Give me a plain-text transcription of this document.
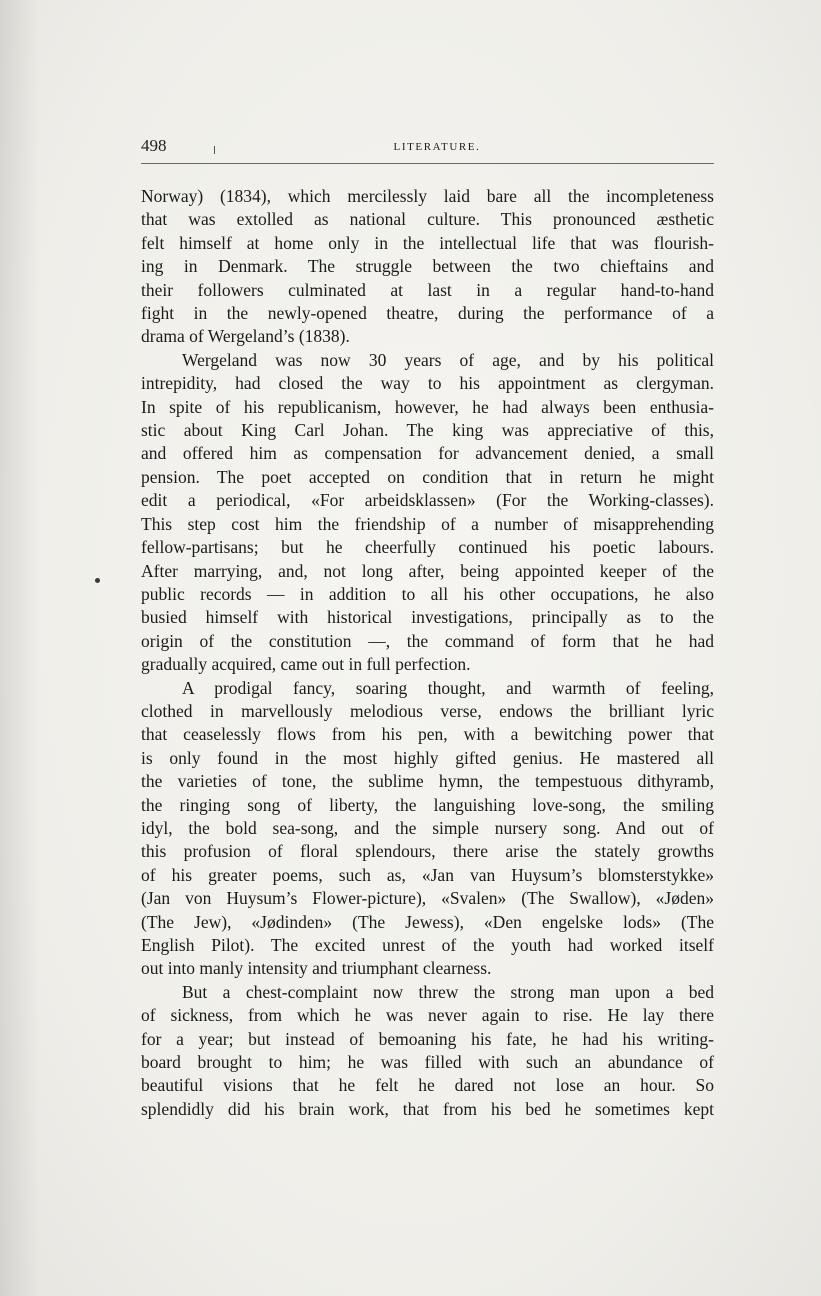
498	LITERATURE.

Norway) (1834), which mercilessly laid bare all the incompleteness

that was extolled as national culture. This pronounced æsthetic

felt himself at home only in the intellectual life that was flourish-

ing in Denmark. The struggle between the two chieftains and

their followers culminated at last in a regular hand-to-hand

fight in the newly-opened theatre, during the performance of a

drama of Wergeland’s (1838).

Wergeland was now 30 years of age, and by his political

intrepidity, had closed the way to his appointment as clergyman.

In spite of his republicanism, however, he had always been enthusia-

stic about King Carl Johan. The king was appreciative of this,

and offered him as compensation for advancement denied, a small

pension. The poet accepted on condition that in return he might

edit a periodical, «For arbeidsklassen» (For the Working-classes).

This step cost him the friendship of a number of misapprehending

fellow-partisans; but he cheerfully continued his poetic labours.

After marrying, and, not long after, being appointed keeper of the

public records — in addition to all his other occupations, he also

busied himself with historical investigations, principally as to the

origin of the constitution —, the command of form that he had

gradually acquired, came out in full perfection.

A prodigal fancy, soaring thought, and warmth of feeling,

clothed in marvellously melodious verse, endows the brilliant lyric

that ceaselessly flows from his pen, with a bewitching power that

is only found in the most highly gifted genius. He mastered all

the varieties of tone, the sublime hymn, the tempestuous dithyramb,

the ringing song of liberty, the languishing love-song, the smiling

idyl, the bold sea-song, and the simple nursery song. And out of

this profusion of floral splendours, there arise the stately growths

of his greater poems, such as, «Jan van Huysum’s blomsterstykke»

(Jan von Huysum’s Flower-picture), «Svalen» (The Swallow), «Jøden»

(The Jew), «Jødinden» (The Jewess), «Den engelske lods» (The

English Pilot). The excited unrest of the youth had worked itself

out into manly intensity and triumphant clearness.

But a chest-complaint now threw the strong man upon a bed

of sickness, from which he was never again to rise. He lay there

for a year; but instead of bemoaning his fate, he had his writing-

board brought to him; he was filled with such an abundance of

beautiful visions that he felt he dared not lose an hour. So

splendidly did his brain work, that from his bed he sometimes kept
